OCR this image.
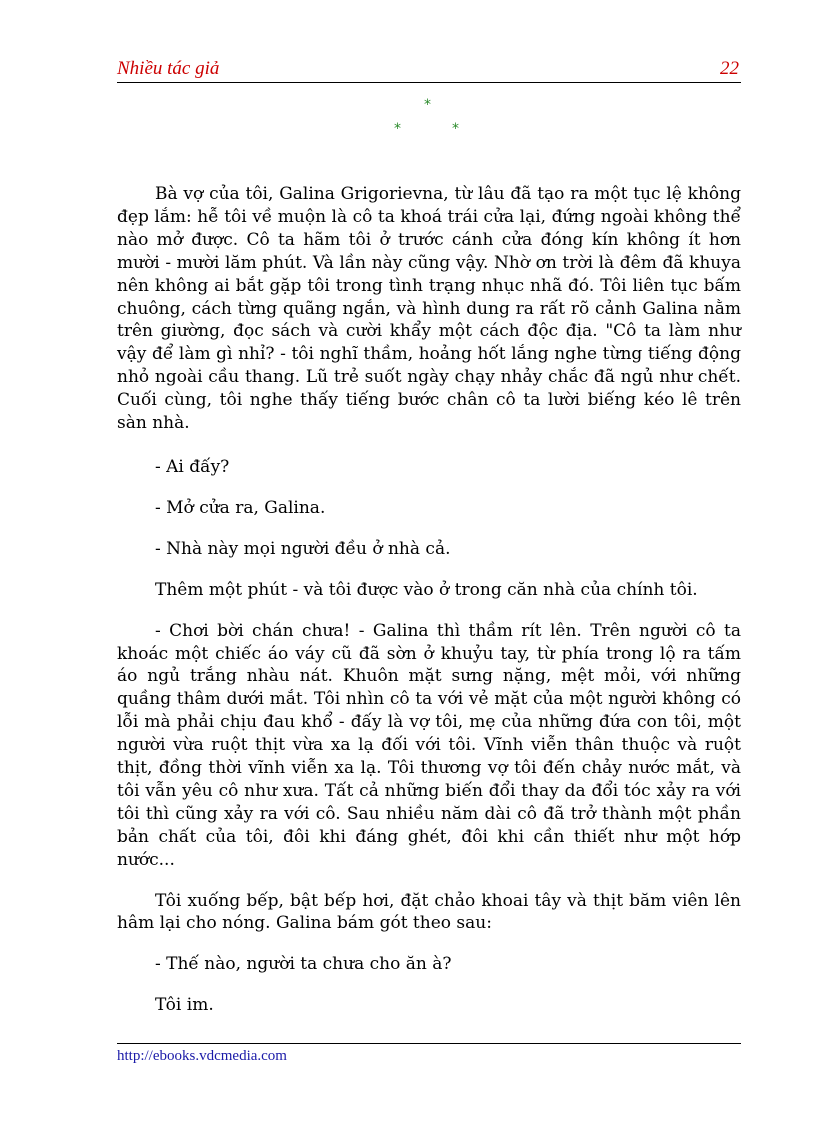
Nhiều tác giả	22
*
*	*

Bà vợ của tôi, Galina Grigorievna, từ lâu đã tạo ra một tục lệ không đẹp lắm: hễ tôi về muộn là cô ta khoá trái cửa lại, đứng ngoài không thể nào mở được. Cô ta hãm tôi ở trước cánh cửa đóng kín không ít hơn mười - mười lăm phút. Và lần này cũng vậy. Nhờ ơn trời là đêm đã khuya nên không ai bắt gặp tôi trong tình trạng nhục nhã đó. Tôi liên tục bấm chuông, cách từng quãng ngắn, và hình dung ra rất rõ cảnh Galina nằm trên giường, đọc sách và cười khẩy một cách độc địa. "Cô ta làm như vậy để làm gì nhỉ? - tôi nghĩ thầm, hoảng hốt lắng nghe từng tiếng động nhỏ ngoài cầu thang. Lũ trẻ suốt ngày chạy nhảy chắc đã ngủ như chết. Cuối cùng, tôi nghe thấy tiếng bước chân cô ta lười biếng kéo lê trên sàn nhà.

- Ai đấy?

- Mở cửa ra, Galina.

- Nhà này mọi người đều ở nhà cả.

Thêm một phút - và tôi được vào ở trong căn nhà của chính tôi.

- Chơi bời chán chưa! - Galina thì thầm rít lên. Trên người cô ta khoác một chiếc áo váy cũ đã sờn ở khuỷu tay, từ phía trong lộ ra tấm áo ngủ trắng nhàu nát. Khuôn mặt sưng nặng, mệt mỏi, với những quầng thâm dưới mắt. Tôi nhìn cô ta với vẻ mặt của một người không có lỗi mà phải chịu đau khổ - đấy là vợ tôi, mẹ của những đứa con tôi, một người vừa ruột thịt vừa xa lạ đối với tôi. Vĩnh viễn thân thuộc và ruột thịt, đồng thời vĩnh viễn xa lạ. Tôi thương vợ tôi đến chảy nước mắt, và tôi vẫn yêu cô như xưa. Tất cả những biến đổi thay da đổi tóc xảy ra với tôi thì cũng xảy ra với cô. Sau nhiều năm dài cô đã trở thành một phần bản chất của tôi, đôi khi đáng ghét, đôi khi cần thiết như một hớp nước...

Tôi xuống bếp, bật bếp hơi, đặt chảo khoai tây và thịt băm viên lên hâm lại cho nóng. Galina bám gót theo sau:

- Thế nào, người ta chưa cho ăn à?

Tôi im.

http://ebooks.vdcmedia.com
